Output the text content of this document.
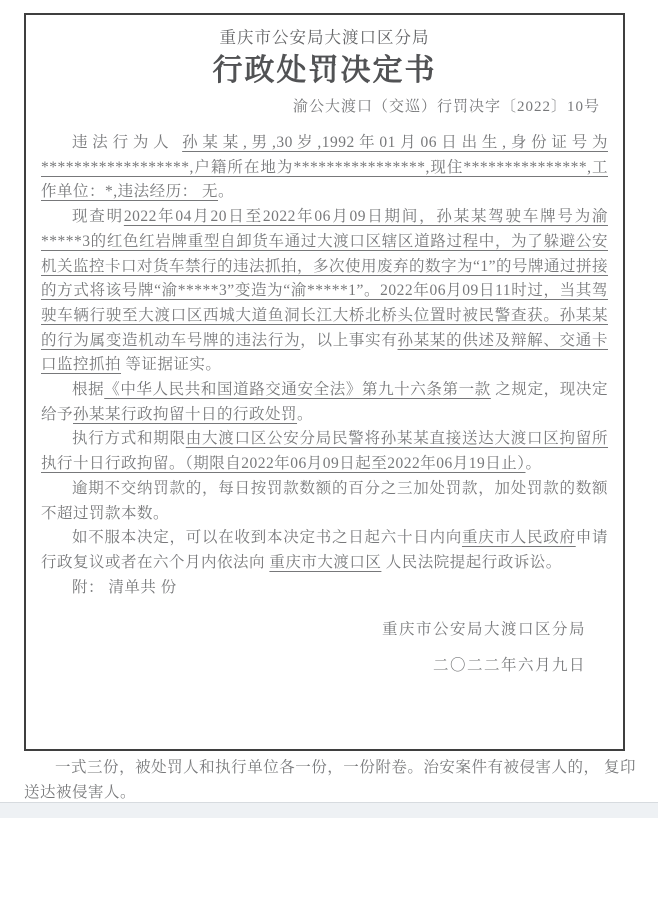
重庆市公安局大渡口区分局
行政处罚决定书
渝公大渡口（交巡）行罚决字〔2022〕10号

违法行为人 孙某某,男,30岁,1992年01月06日出生,身份证号为******************,户籍所在地为****************,现住***************,工作单位：*,违法经历： 无。

现查明2022年04月20日至2022年06月09日期间，孙某某驾驶车牌号为渝*****3的红色红岩牌重型自卸货车通过大渡口区辖区道路过程中，为了躲避公安机关监控卡口对货车禁行的违法抓拍，多次使用废弃的数字为“1”的号牌通过拼接的方式将该号牌“渝*****3”变造为“渝*****1”。2022年06月09日11时过，当其驾驶车辆行驶至大渡口区西城大道鱼洞长江大桥北桥头位置时被民警查获。孙某某的行为属变造机动车号牌的违法行为，以上事实有孙某某的供述及辩解、交通卡口监控抓拍 等证据证实。

根据《中华人民共和国道路交通安全法》第九十六条第一款 之规定，现决定给予孙某某行政拘留十日的行政处罚。

执行方式和期限由大渡口区公安分局民警将孙某某直接送达大渡口区拘留所执行十日行政拘留。（期限自2022年06月09日起至2022年06月19日止）。

逾期不交纳罚款的，每日按罚款数额的百分之三加处罚款，加处罚款的数额不超过罚款本数。

如不服本决定，可以在收到本决定书之日起六十日内向重庆市人民政府申请行政复议或者在六个月内依法向 重庆市大渡口区 人民法院提起行政诉讼。

附： 清单共 份

重庆市公安局大渡口区分局
二〇二二年六月九日

一式三份，被处罚人和执行单位各一份，一份附卷。治安案件有被侵害人的， 复印送达被侵害人。
